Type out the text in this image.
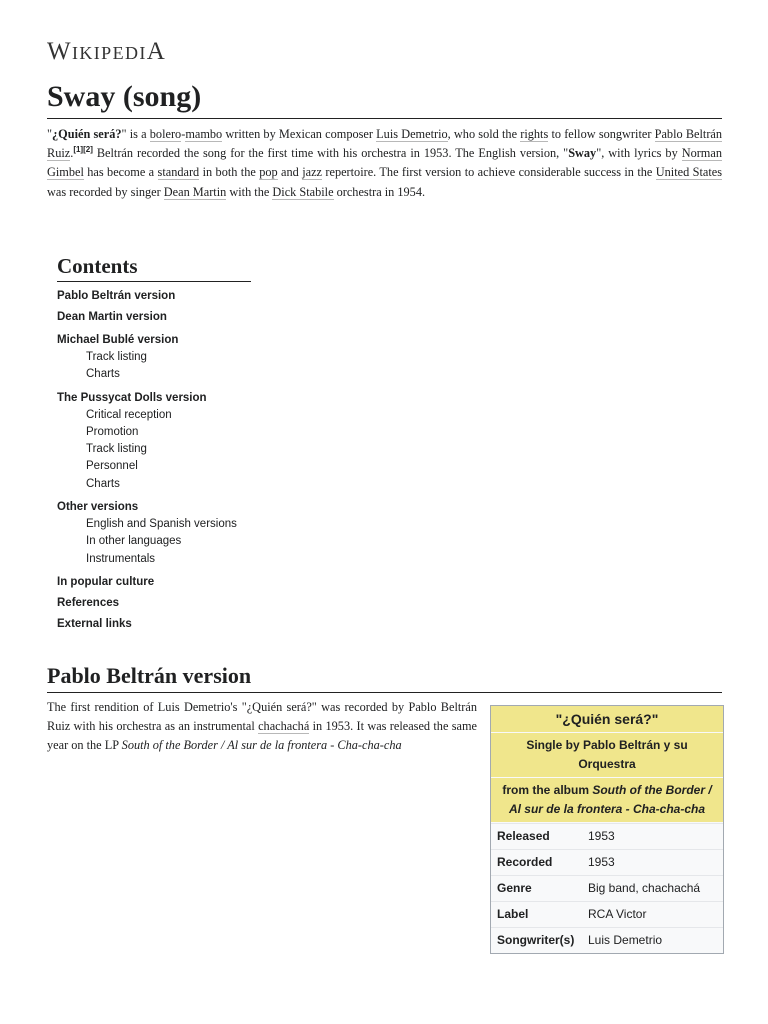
WIKIPEDIA
Sway (song)

"¿Quién será?" is a bolero-mambo written by Mexican composer Luis Demetrio, who sold the rights to fellow songwriter Pablo Beltrán Ruiz.[1][2] Beltrán recorded the song for the first time with his orchestra in 1953. The English version, "Sway", with lyrics by Norman Gimbel has become a standard in both the pop and jazz repertoire. The first version to achieve considerable success in the United States was recorded by singer Dean Martin with the Dick Stabile orchestra in 1954.

Contents
Pablo Beltrán version
Dean Martin version
Michael Bublé version
Track listing
Charts
The Pussycat Dolls version
Critical reception
Promotion
Track listing
Personnel
Charts
Other versions
English and Spanish versions
In other languages
Instrumentals
In popular culture
References
External links
Pablo Beltrán version

The first rendition of Luis Demetrio's "¿Quién será?" was recorded by Pablo Beltrán Ruiz with his orchestra as an instrumental chachachá in 1953. It was released the same year on the LP South of the Border / Al sur de la frontera - Cha-cha-cha

"¿Quién será?"
Single by Pablo Beltrán y su Orquestra
from the album South of the Border / Al sur de la frontera - Cha-cha-cha
Released	1953
Recorded	1953
Genre	Big band, chachachá
Label	RCA Victor
Songwriter(s)	Luis Demetrio
